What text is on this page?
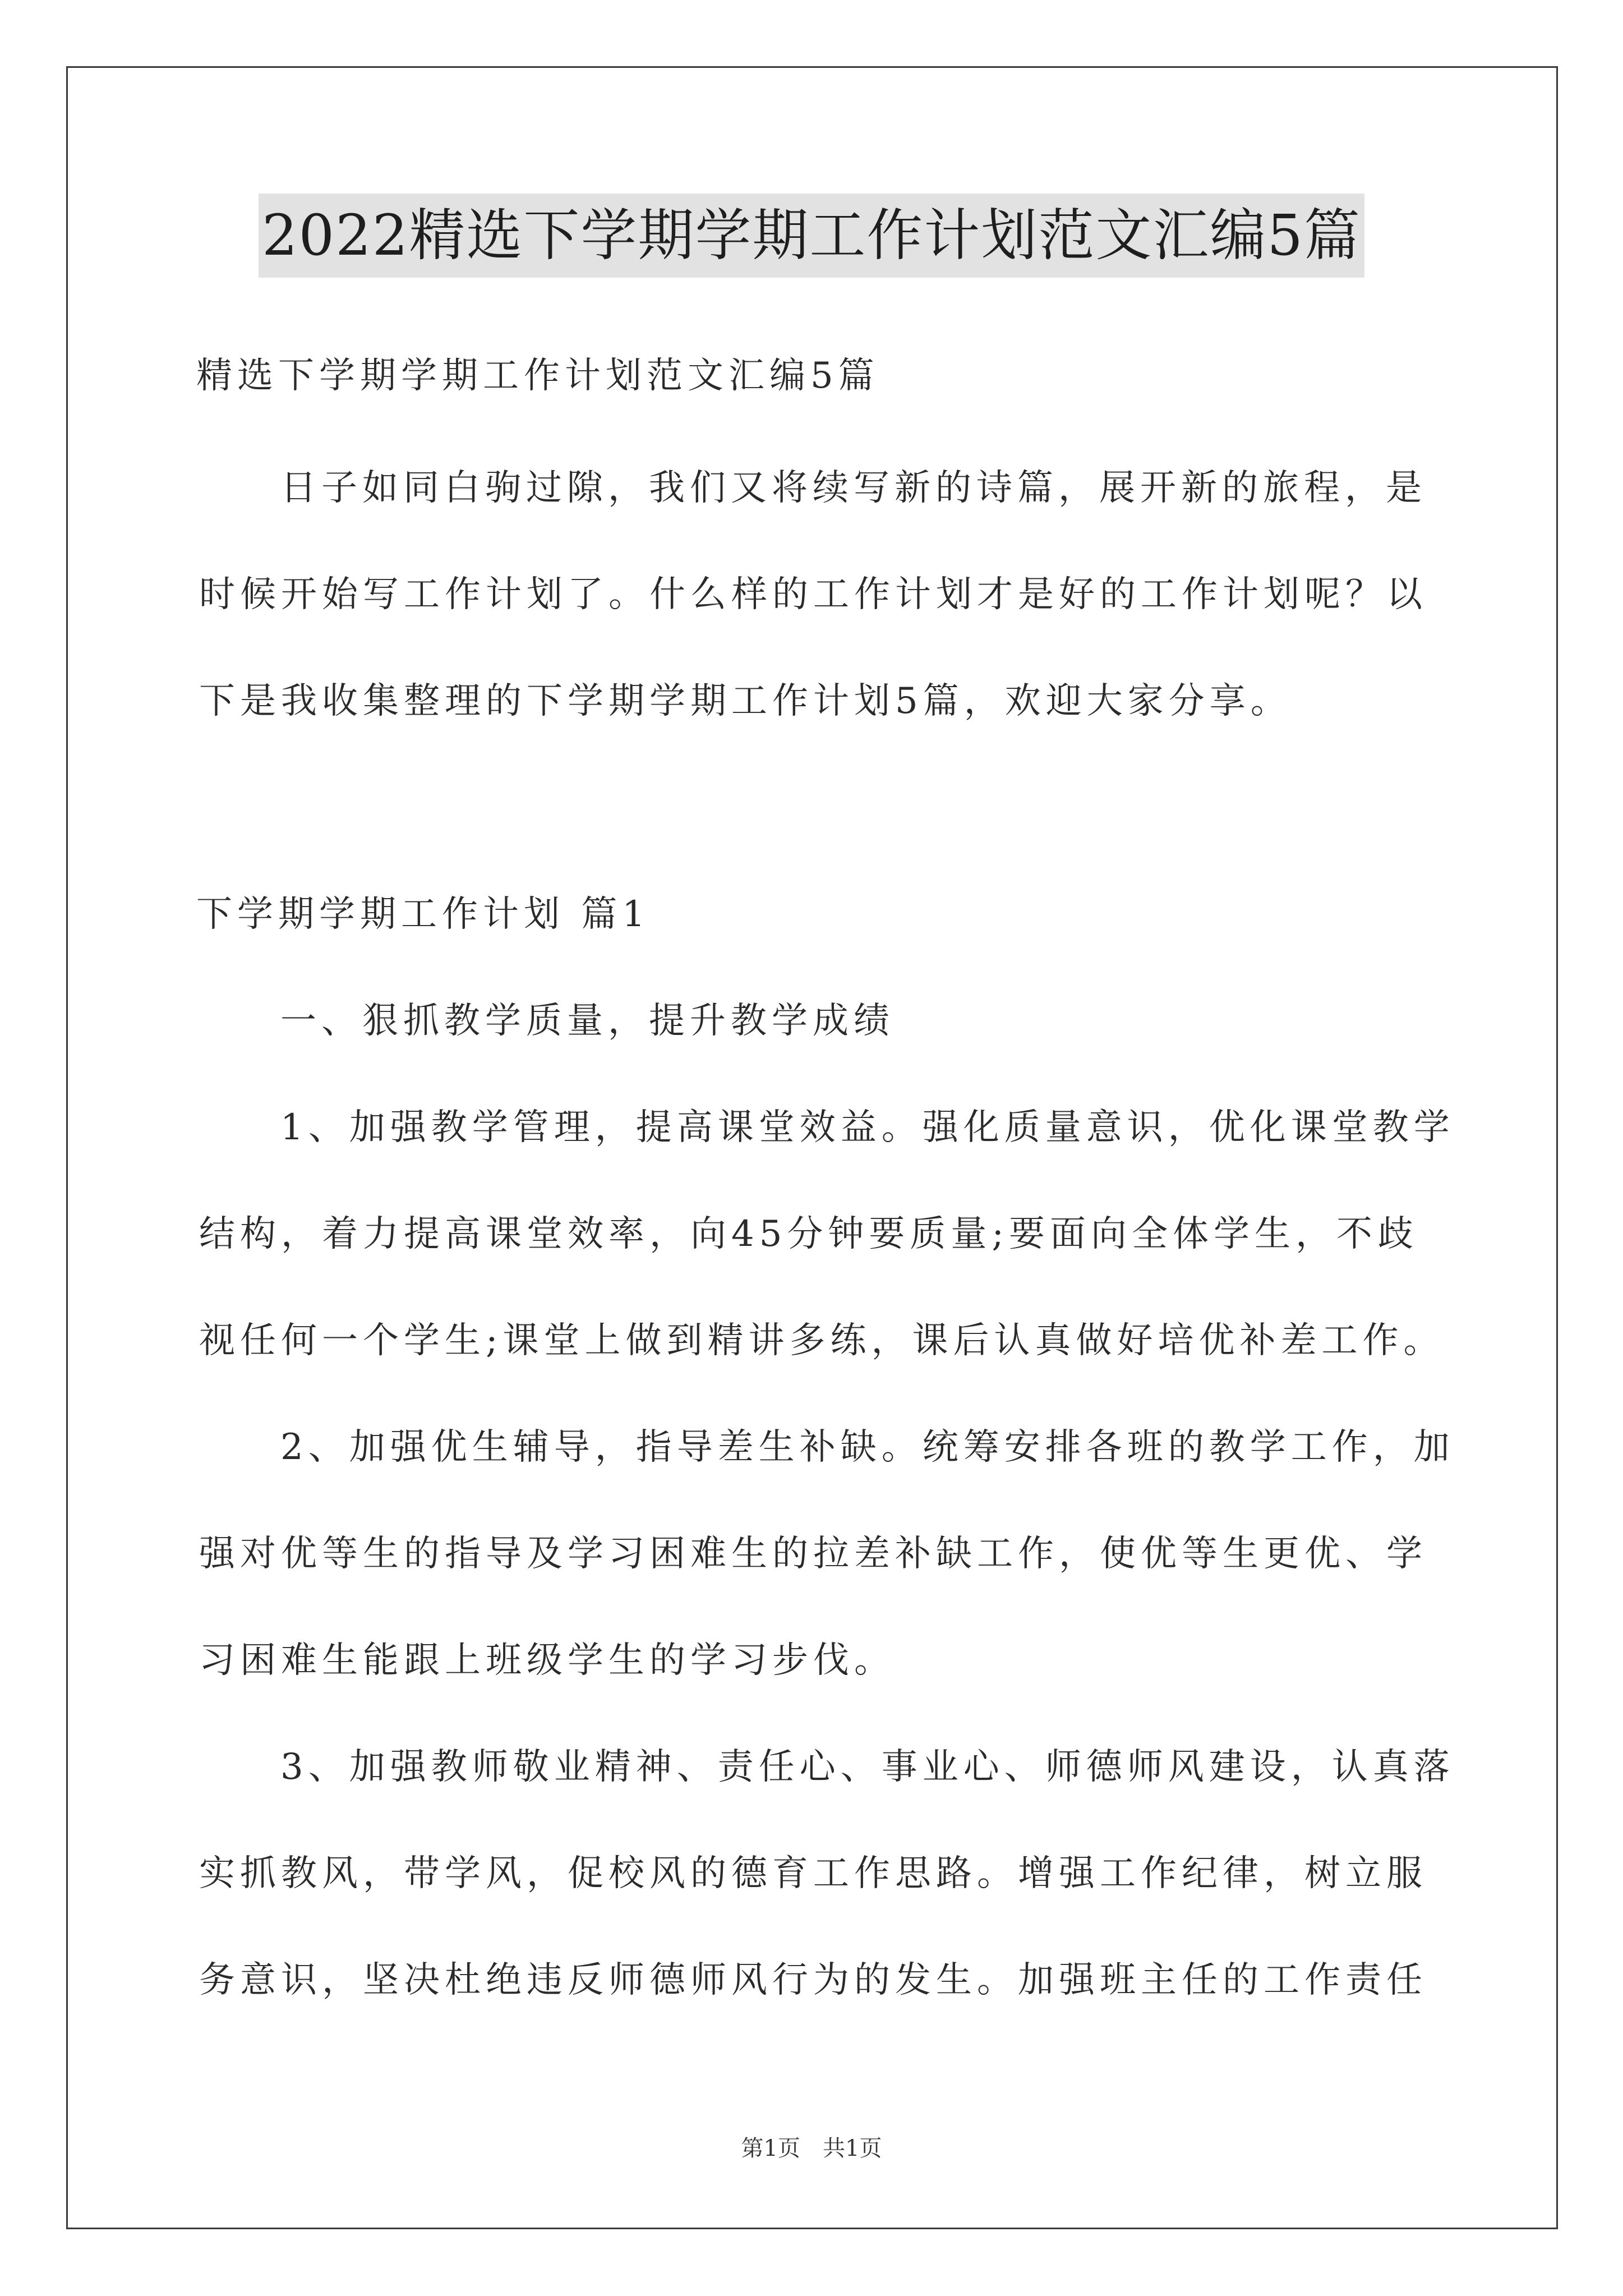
2022精选下学期学期工作计划范文汇编5篇
精选下学期学期工作计划范文汇编5篇
日子如同白驹过隙，我们又将续写新的诗篇，展开新的旅程，是
时候开始写工作计划了。什么样的工作计划才是好的工作计划呢？以
下是我收集整理的下学期学期工作计划5篇，欢迎大家分享。
下学期学期工作计划 篇1
一、狠抓教学质量，提升教学成绩
1、加强教学管理，提高课堂效益。强化质量意识，优化课堂教学
结构，着力提高课堂效率，向45分钟要质量;要面向全体学生，不歧
视任何一个学生;课堂上做到精讲多练，课后认真做好培优补差工作。
2、加强优生辅导，指导差生补缺。统筹安排各班的教学工作，加
强对优等生的指导及学习困难生的拉差补缺工作，使优等生更优、学
习困难生能跟上班级学生的学习步伐。
3、加强教师敬业精神、责任心、事业心、师德师风建设，认真落
实抓教风，带学风，促校风的德育工作思路。增强工作纪律，树立服
务意识，坚决杜绝违反师德师风行为的发生。加强班主任的工作责任
第1页　共1页
